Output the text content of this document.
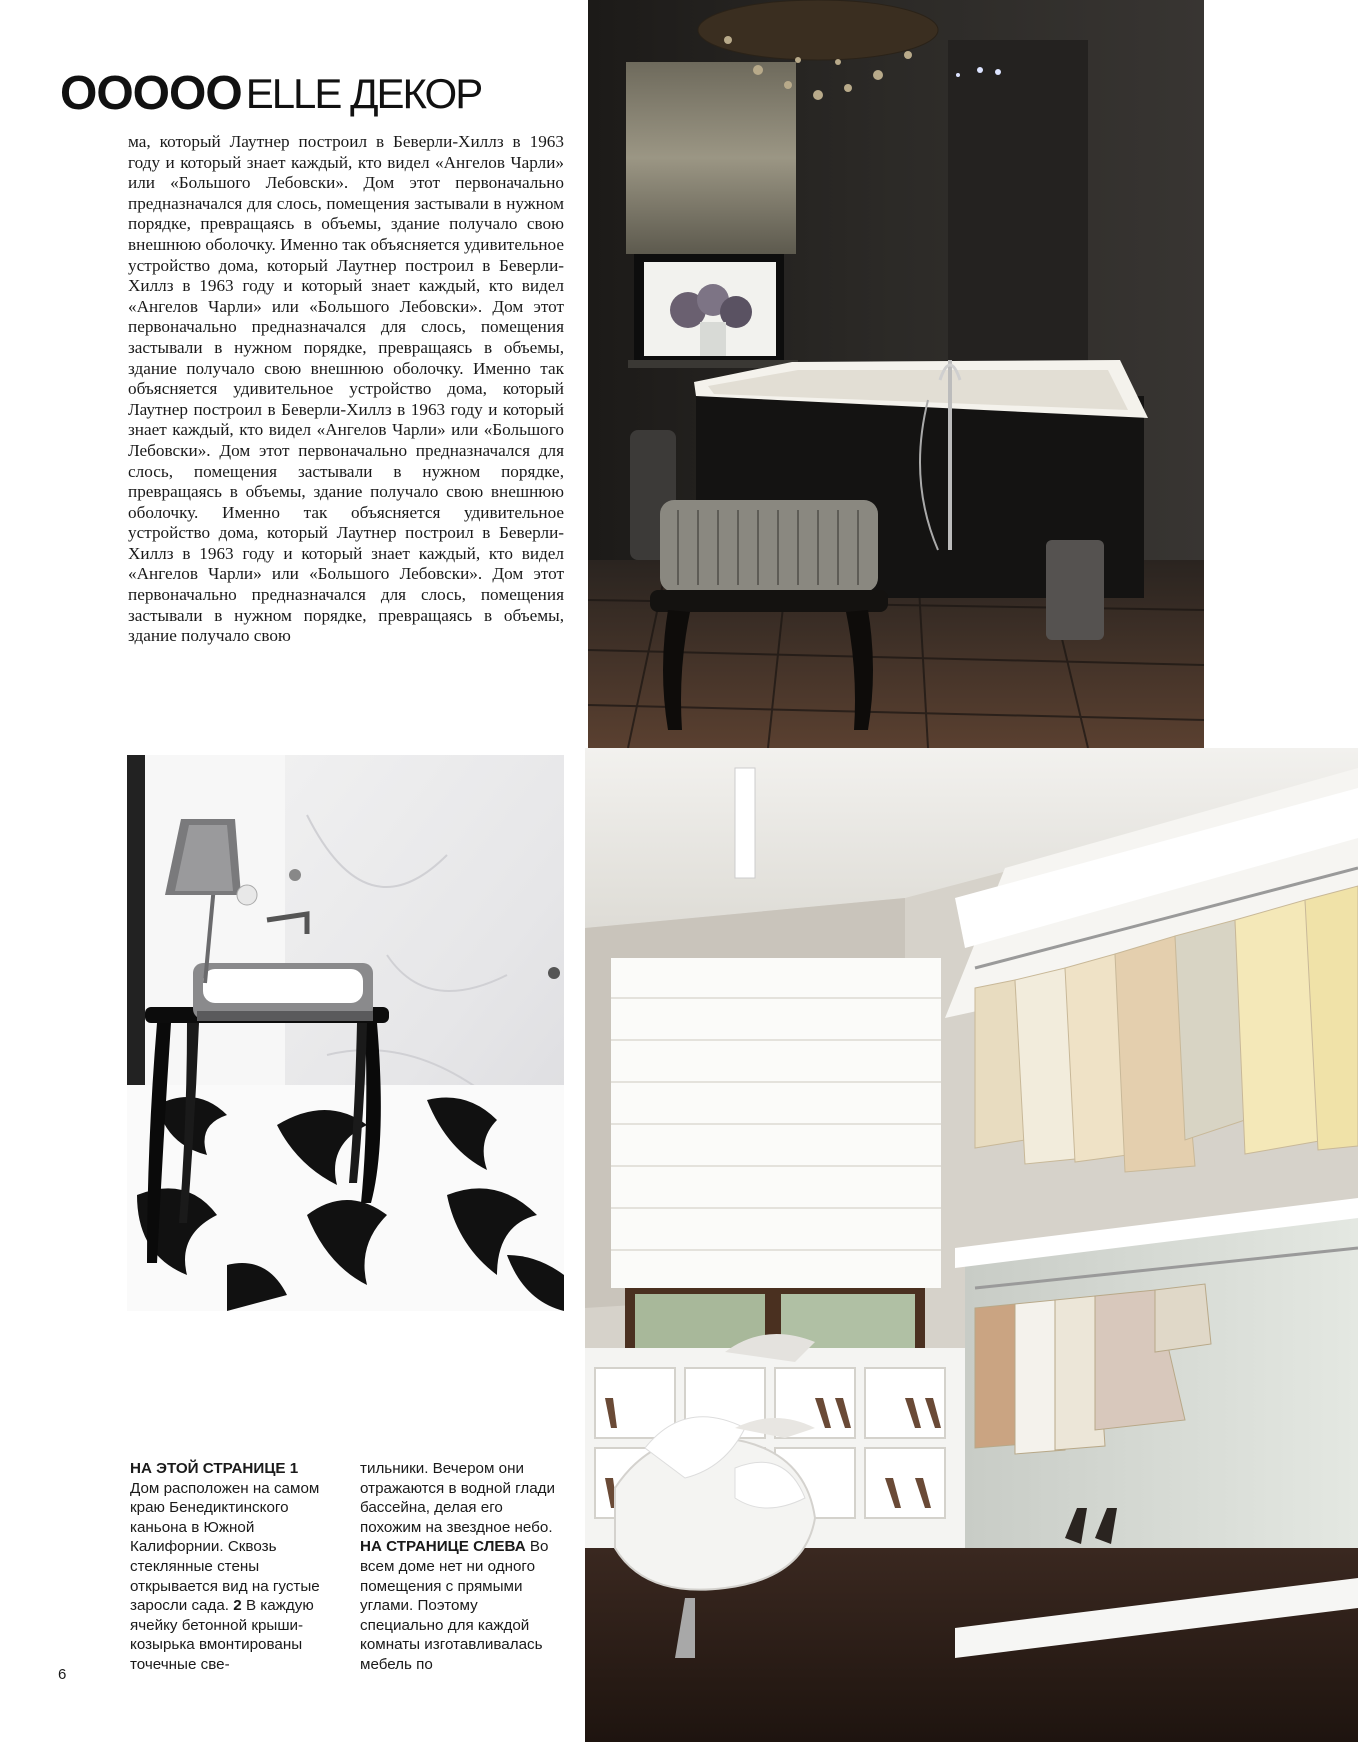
OOOOOELLE ДЕКОР

ма, который Лаутнер построил в Беверли-Хиллз в 1963 году и который знает каждый, кто видел «Ангелов Чарли» или «Большого Лебовски». Дом этот первоначально предназначался для слось, помещения застывали в нужном порядке, превращаясь в объемы, здание получало свою внешнюю оболочку. Именно так объясняется удивительное устройство дома, который Лаутнер построил в Беверли-Хиллз в 1963 году и который знает каждый, кто видел «Ангелов Чарли» или «Большого Лебовски». Дом этот первоначально предназначался для слось, помещения застывали в нужном порядке, превращаясь в объемы, здание получало свою внешнюю оболочку. Именно так объясняется удивительное устройство дома, который Лаутнер построил в Беверли-Хиллз в 1963 году и который знает каждый, кто видел «Ангелов Чарли» или «Большого Лебовски». Дом этот первоначально предназначался для слось, помещения застывали в нужном порядке, превращаясь в объемы, здание получало свою внешнюю оболочку. Именно так объясняется удивительное устройство дома, который Лаутнер построил в Беверли-Хиллз в 1963 году и который знает каждый, кто видел «Ангелов Чарли» или «Большого Лебовски». Дом этот первоначально предназначался для слось, помещения застывали в нужном порядке, превращаясь в объемы, здание получало свою

НА ЭТОЙ СТРАНИЦЕ 1
Дом расположен на самом краю Бенедиктинского каньона в Южной Калифорнии. Сквозь стеклянные стены открывается вид на густые заросли сада. 2 В каждую ячейку бетонной крыши-козырька вмонтированы точечные све-

тильники. Вечером они отражаются в водной глади бассейна, делая его похожим на звездное небо. НА СТРАНИЦЕ СЛЕВА Во всем доме нет ни одного помещения с прямыми углами. Поэтому специально для каждой комнаты изготавливалась мебель по

6
